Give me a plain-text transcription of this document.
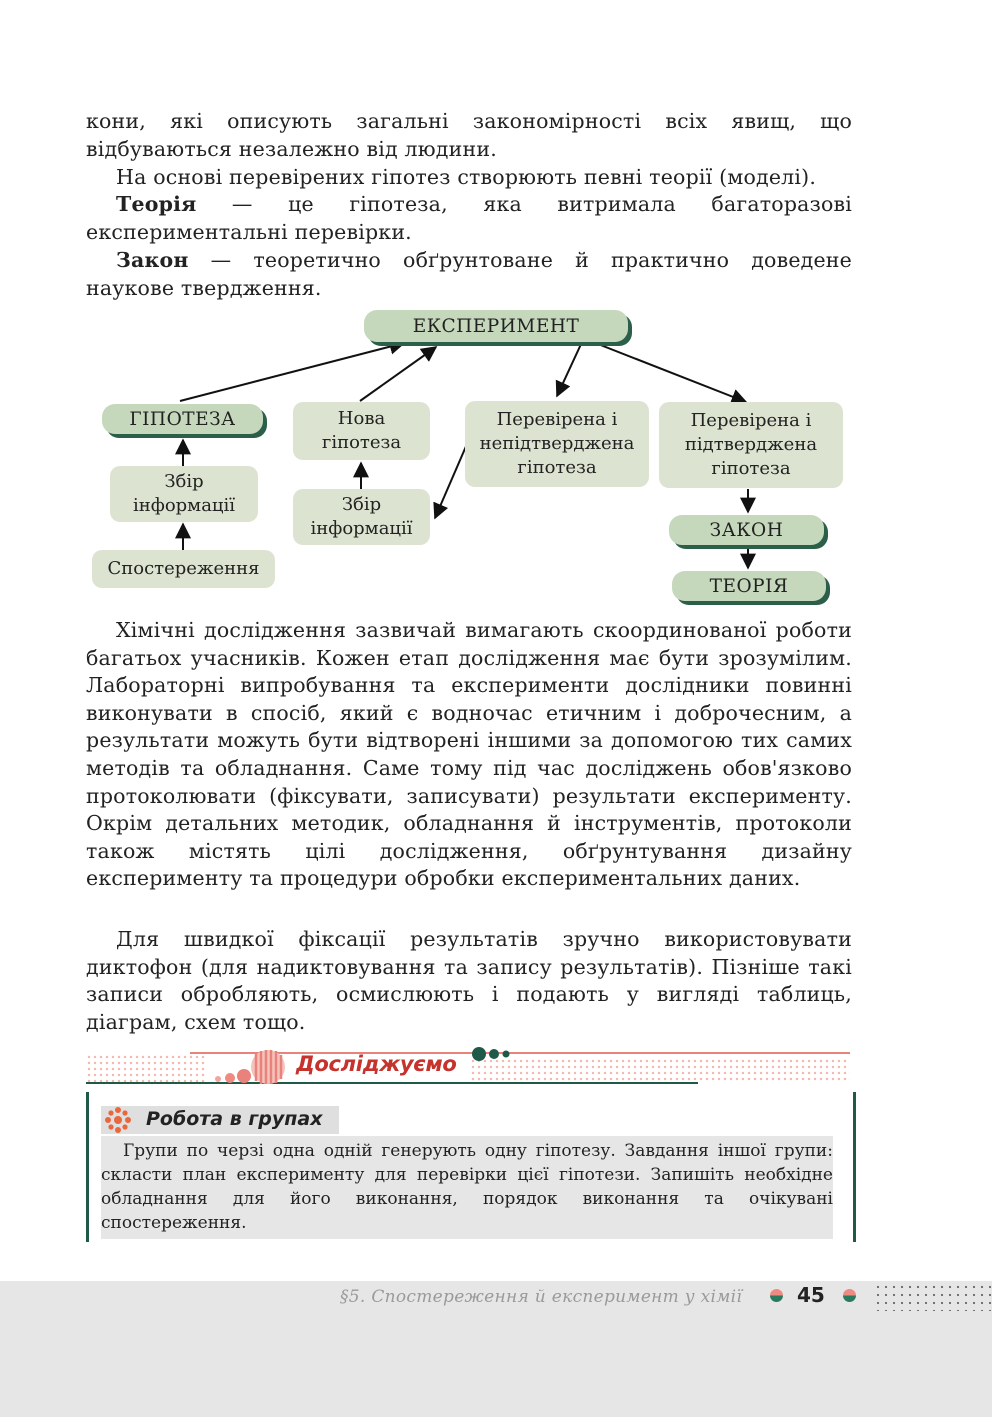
кони, які описують загальні закономірності всіх явищ, що відбуваються незалежно від людини.

На основі перевірених гіпотез створюють певні теорії (моделі).

Теорія — це гіпотеза, яка витримала багаторазові експериментальні перевірки.

Закон — теоретично обґрунтоване й практично доведене наукове твердження.

ЕКСПЕРИМЕНТ
ГІПОТЕЗА
Збір інформації
Спостереження
Нова гіпотеза
Збір інформації
Перевірена і непідтверджена гіпотеза
Перевірена і підтверджена гіпотеза
ЗАКОН
ТЕОРІЯ

Хімічні дослідження зазвичай вимагають скоординованої роботи багатьох учасників. Кожен етап дослідження має бути зрозумілим. Лабораторні випробування та експерименти дослідники повинні виконувати в спосіб, який є водночас етичним і доброчесним, а результати можуть бути відтворені іншими за допомогою тих самих методів та обладнання. Саме тому під час досліджень обов'язково протоколювати (фіксувати, записувати) результати експерименту. Окрім детальних методик, обладнання й інструментів, протоколи також містять цілі дослідження, обґрунтування дизайну експерименту та процедури обробки експериментальних даних.

Для швидкої фіксації результатів зручно використовувати диктофон (для надиктовування та запису результатів). Пізніше такі записи обробляють, осмислюють і подають у вигляді таблиць, діаграм, схем тощо.

Досліджуємо
Робота в групах

Групи по черзі одна одній генерують одну гіпотезу. Завдання іншої групи: скласти план експерименту для перевірки цієї гіпотези. Запишіть необхідне обладнання для його виконання, порядок виконання та очікувані спостереження.

§5. Спостереження й експеримент у хімії	45
